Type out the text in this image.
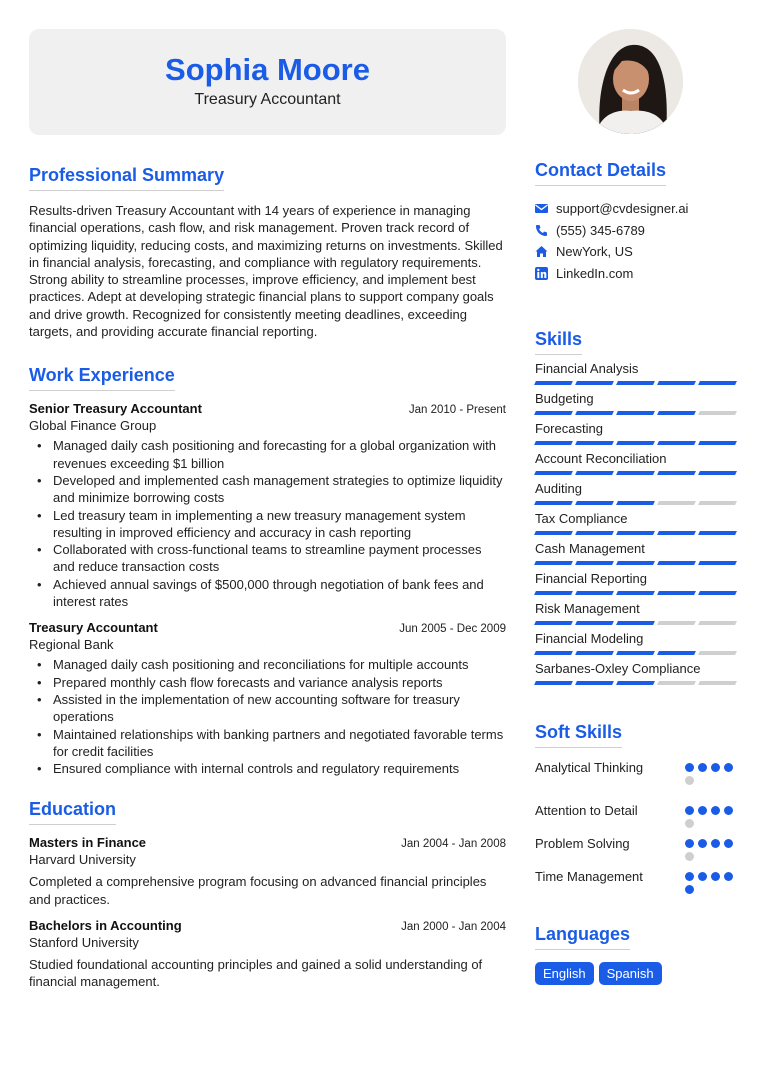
Sophia Moore
Treasury Accountant
Professional Summary

Results-driven Treasury Accountant with 14 years of experience in managing financial operations, cash flow, and risk management. Proven track record of optimizing liquidity, reducing costs, and maximizing returns on investments. Skilled in financial analysis, forecasting, and compliance with regulatory requirements. Strong ability to streamline processes, improve efficiency, and implement best practices. Adept at developing strategic financial plans to support company goals and drive growth. Recognized for consistently meeting deadlines, exceeding targets, and providing accurate financial reporting.

Work Experience
Senior Treasury Accountant	Jan 2010 - Present
Global Finance Group
• Managed daily cash positioning and forecasting for a global organization with revenues exceeding $1 billion
• Developed and implemented cash management strategies to optimize liquidity and minimize borrowing costs
• Led treasury team in implementing a new treasury management system resulting in improved efficiency and accuracy in cash reporting
• Collaborated with cross-functional teams to streamline payment processes and reduce transaction costs
• Achieved annual savings of $500,000 through negotiation of bank fees and interest rates
Treasury Accountant	Jun 2005 - Dec 2009
Regional Bank
• Managed daily cash positioning and reconciliations for multiple accounts
• Prepared monthly cash flow forecasts and variance analysis reports
• Assisted in the implementation of new accounting software for treasury operations
• Maintained relationships with banking partners and negotiated favorable terms for credit facilities
• Ensured compliance with internal controls and regulatory requirements
Education
Masters in Finance	Jan 2004 - Jan 2008
Harvard University

Completed a comprehensive program focusing on advanced financial principles and practices.

Bachelors in Accounting	Jan 2000 - Jan 2004
Stanford University

Studied foundational accounting principles and gained a solid understanding of financial management.

Contact Details
support@cvdesigner.ai
(555) 345-6789
NewYork, US
LinkedIn.com
Skills
Financial Analysis
Budgeting
Forecasting
Account Reconciliation
Auditing
Tax Compliance
Cash Management
Financial Reporting
Risk Management
Financial Modeling
Sarbanes-Oxley Compliance
Soft Skills
Analytical Thinking
Attention to Detail
Problem Solving
Time Management
Languages
English	Spanish
